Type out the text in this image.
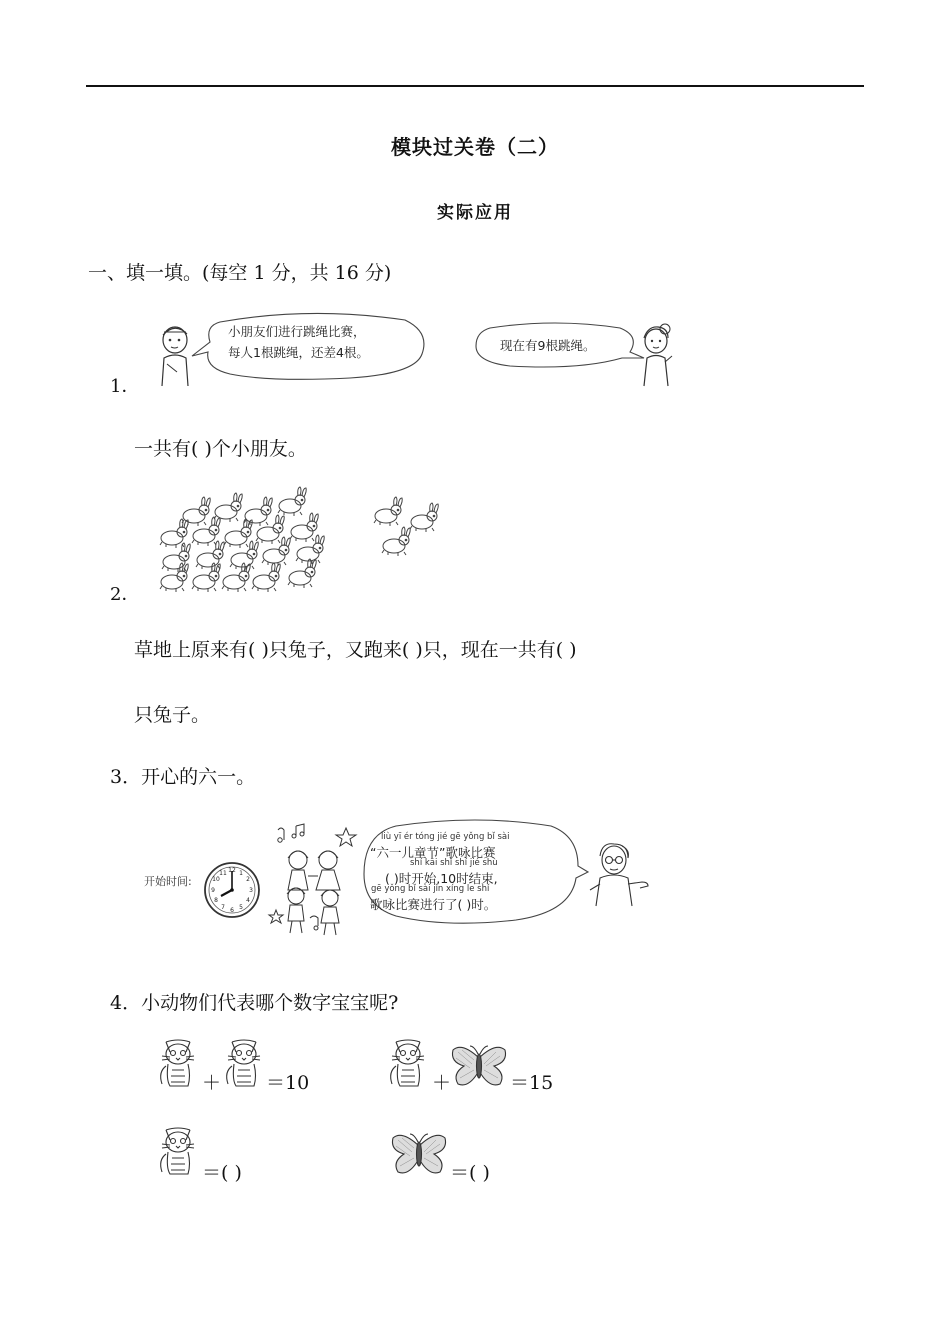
模块过关卷（二）
实际应用
一、填一填。(每空 1 分，共 16 分)
小朋友们进行跳绳比赛，
每人1根跳绳，还差4根。	现在有9根跳绳。
1．
一共有( )个小朋友。
2．
草地上原来有( )只兔子，又跑来( )只，现在一共有( )
只兔子。
3．开心的六一。
开始时间:
12 1
2
3
4
5
6
7
8
9
10
11
liù yī ér tóng jié gē yǒng bǐ sài
“六一儿童节”歌咏比赛
shí kāi shǐ shí jié shù
( )时开始,10时结束,
gē yǒng bǐ sài jìn xíng le shí
歌咏比赛进行了( )时。
4．小动物们代表哪个数字宝宝呢?
＋ ＝10	＋	＝15
＝( )	＝( )
